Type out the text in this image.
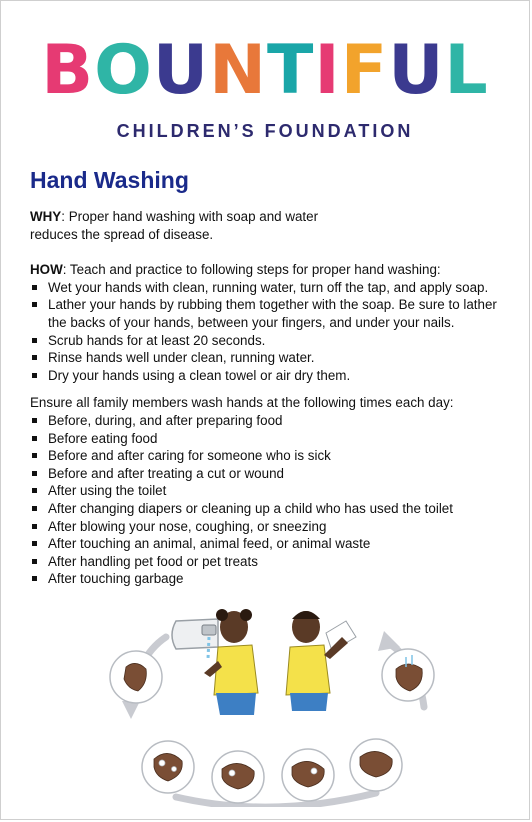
BOUNTIFUL
CHILDREN’S FOUNDATION
Hand Washing

WHY: Proper hand washing with soap and water reduces the spread of disease.

HOW: Teach and practice to following steps for proper hand washing:

Wet your hands with clean, running water, turn off the tap, and apply soap.
Lather your hands by rubbing them together with the soap. Be sure to lather the backs of your hands, between your fingers, and under your nails.
Scrub hands for at least 20 seconds.
Rinse hands well under clean, running water.
Dry your hands using a clean towel or air dry them.

Ensure all family members wash hands at the following times each day:

Before, during, and after preparing food
Before eating food
Before and after caring for someone who is sick
Before and after treating a cut or wound
After using the toilet
After changing diapers or cleaning up a child who has used the toilet
After blowing your nose, coughing, or sneezing
After touching an animal, animal feed, or animal waste
After handling pet food or pet treats
After touching garbage
